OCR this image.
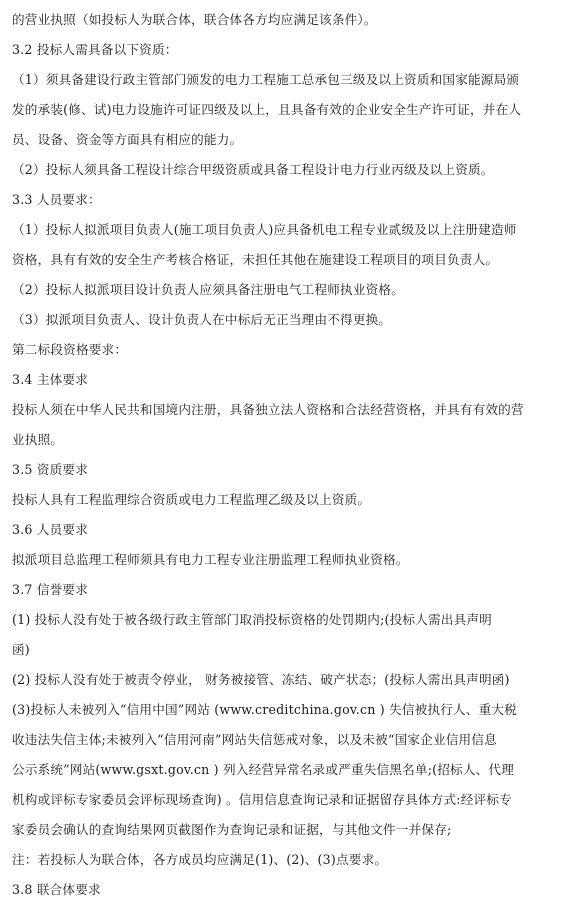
的营业执照（如投标人为联合体，联合体各方均应满足该条件）。
3.2 投标人需具备以下资质：
（1）须具备建设行政主管部门颁发的电力工程施工总承包三级及以上资质和国家能源局颁
发的承装(修、试)电力设施许可证四级及以上，且具备有效的企业安全生产许可证，并在人
员、设备、资金等方面具有相应的能力。
（2）投标人须具备工程设计综合甲级资质或具备工程设计电力行业丙级及以上资质。
3.3 人员要求：
（1）投标人拟派项目负责人(施工项目负责人)应具备机电工程专业贰级及以上注册建造师
资格，具有有效的安全生产考核合格证，未担任其他在施建设工程项目的项目负责人。
（2）投标人拟派项目设计负责人应须具备注册电气工程师执业资格。
（3）拟派项目负责人、设计负责人在中标后无正当理由不得更换。
第二标段资格要求：
3.4 主体要求
投标人须在中华人民共和国境内注册，具备独立法人资格和合法经营资格，并具有有效的营
业执照。
3.5 资质要求
投标人具有工程监理综合资质或电力工程监理乙级及以上资质。
3.6 人员要求
拟派项目总监理工程师须具有电力工程专业注册监理工程师执业资格。
3.7 信誉要求
(1) 投标人没有处于被各级行政主管部门取消投标资格的处罚期内;(投标人需出具声明
函)
(2) 投标人没有处于被责令停业， 财务被接管、冻结、破产状态；(投标人需出具声明函)
(3)投标人未被列入“信用中国”网站 (www.creditchina.gov.cn ) 失信被执行人、重大税
收违法失信主体;未被列入“信用河南”网站失信惩戒对象，以及未被“国家企业信用信息
公示系统”网站(www.gsxt.gov.cn ) 列入经营异常名录或严重失信黑名单;(招标人、代理
机构或评标专家委员会评标现场查询) 。信用信息查询记录和证据留存具体方式:经评标专
家委员会确认的查询结果网页截图作为查询记录和证据，与其他文件一并保存;
注：若投标人为联合体，各方成员均应满足(1)、(2)、(3)点要求。
3.8 联合体要求
